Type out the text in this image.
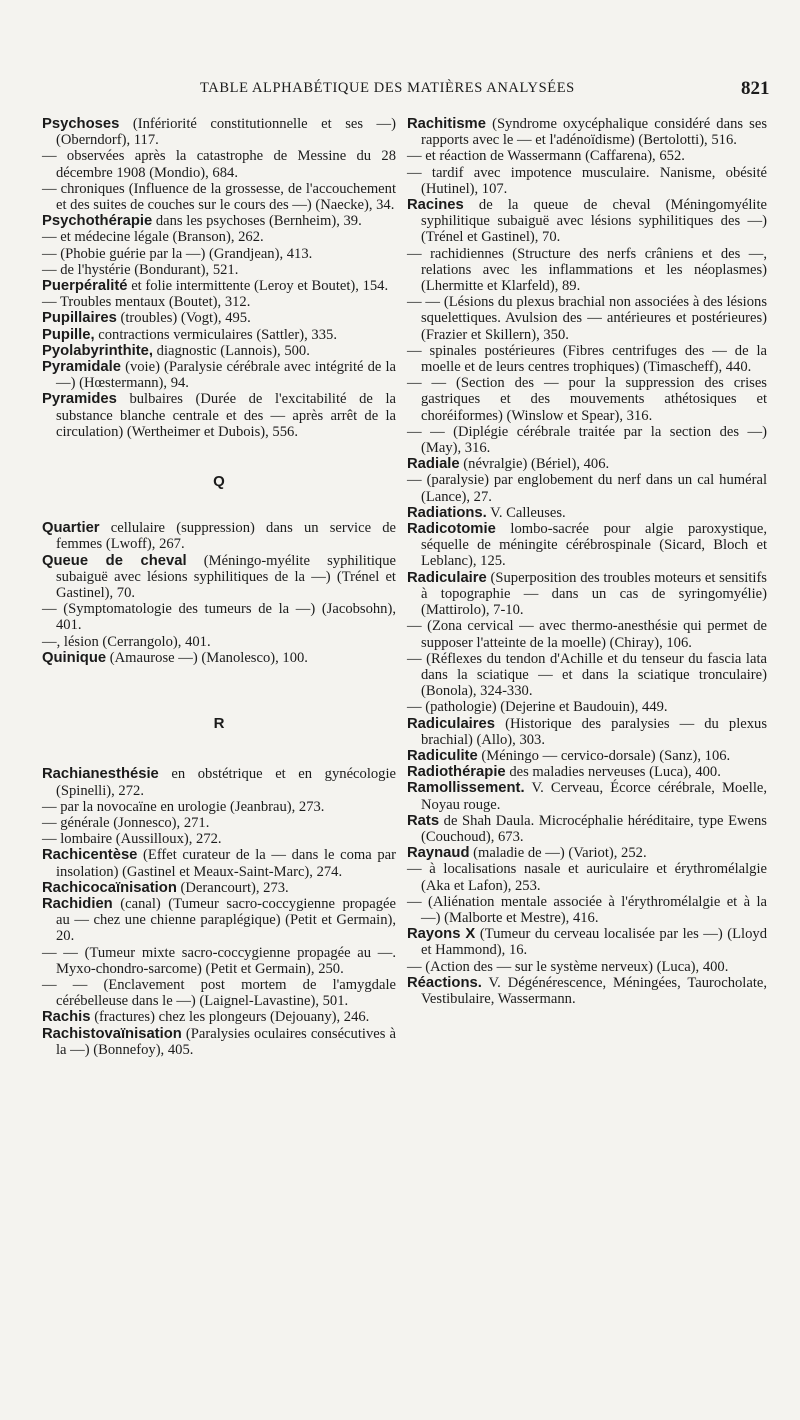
TABLE ALPHABÉTIQUE DES MATIÈRES ANALYSÉES	821
Psychoses (Infériorité constitutionnelle et ses —) (Oberndorf), 117.
— observées après la catastrophe de Messine du 28 décembre 1908 (Mondio), 684.
— chroniques (Influence de la grossesse, de l'accouchement et des suites de couches sur le cours des —) (Naecke), 34.
Psychothérapie dans les psychoses (Bernheim), 39.
— et médecine légale (Branson), 262.
— (Phobie guérie par la —) (Grandjean), 413.
— de l'hystérie (Bondurant), 521.
Puerpéralité et folie intermittente (Leroy et Boutet), 154.
— Troubles mentaux (Boutet), 312.
Pupillaires (troubles) (Vogt), 495.
Pupille, contractions vermiculaires (Sattler), 335.
Pyolabyrinthite, diagnostic (Lannois), 500.
Pyramidale (voie) (Paralysie cérébrale avec intégrité de la —) (Hœstermann), 94.
Pyramides bulbaires (Durée de l'excitabilité de la substance blanche centrale et des — après arrêt de la circulation) (Wertheimer et Dubois), 556.
Q
Quartier cellulaire (suppression) dans un service de femmes (Lwoff), 267.
Queue de cheval (Méningo-myélite syphilitique subaiguë avec lésions syphilitiques de la —) (Trénel et Gastinel), 70.
— (Symptomatologie des tumeurs de la —) (Jacobsohn), 401.
—, lésion (Cerrangolo), 401.
Quinique (Amaurose —) (Manolesco), 100.
R
Rachianesthésie en obstétrique et en gynécologie (Spinelli), 272.
— par la novocaïne en urologie (Jeanbrau), 273.
— générale (Jonnesco), 271.
— lombaire (Aussilloux), 272.
Rachicentèse (Effet curateur de la — dans le coma par insolation) (Gastinel et Meaux-Saint-Marc), 274.
Rachicocaïnisation (Derancourt), 273.
Rachidien (canal) (Tumeur sacro-coccygienne propagée au — chez une chienne paraplégique) (Petit et Germain), 20.
— — (Tumeur mixte sacro-coccygienne propagée au —. Myxo-chondro-sarcome) (Petit et Germain), 250.
— — (Enclavement post mortem de l'amygdale cérébelleuse dans le —) (Laignel-Lavastine), 501.
Rachis (fractures) chez les plongeurs (Dejouany), 246.
Rachistovaïnisation (Paralysies oculaires consécutives à la —) (Bonnefoy), 405.
Rachitisme (Syndrome oxycéphalique considéré dans ses rapports avec le — et l'adénoïdisme) (Bertolotti), 516.
— et réaction de Wassermann (Caffarena), 652.
— tardif avec impotence musculaire. Nanisme, obésité (Hutinel), 107.
Racines de la queue de cheval (Méningomyélite syphilitique subaiguë avec lésions syphilitiques des —) (Trénel et Gastinel), 70.
— rachidiennes (Structure des nerfs crâniens et des —, relations avec les inflammations et les néoplasmes) (Lhermitte et Klarfeld), 89.
— — (Lésions du plexus brachial non associées à des lésions squelettiques. Avulsion des — antérieures et postérieures) (Frazier et Skillern), 350.
— spinales postérieures (Fibres centrifuges des — de la moelle et de leurs centres trophiques) (Timascheff), 440.
— — (Section des — pour la suppression des crises gastriques et des mouvements athétosiques et choréiformes) (Winslow et Spear), 316.
— — (Diplégie cérébrale traitée par la section des —) (May), 316.
Radiale (névralgie) (Bériel), 406.
— (paralysie) par englobement du nerf dans un cal huméral (Lance), 27.
Radiations. V. Calleuses.
Radicotomie lombo-sacrée pour algie paroxystique, séquelle de méningite cérébrospinale (Sicard, Bloch et Leblanc), 125.
Radiculaire (Superposition des troubles moteurs et sensitifs à topographie — dans un cas de syringomyélie) (Mattirolo), 7-10.
— (Zona cervical — avec thermo-anesthésie qui permet de supposer l'atteinte de la moelle) (Chiray), 106.
— (Réflexes du tendon d'Achille et du tenseur du fascia lata dans la sciatique — et dans la sciatique tronculaire) (Bonola), 324-330.
— (pathologie) (Dejerine et Baudouin), 449.
Radiculaires (Historique des paralysies — du plexus brachial) (Allo), 303.
Radiculite (Méningo — cervico-dorsale) (Sanz), 106.
Radiothérapie des maladies nerveuses (Luca), 400.
Ramollissement. V. Cerveau, Écorce cérébrale, Moelle, Noyau rouge.
Rats de Shah Daula. Microcéphalie héréditaire, type Ewens (Couchoud), 673.
Raynaud (maladie de —) (Variot), 252.
— à localisations nasale et auriculaire et érythromélalgie (Aka et Lafon), 253.
— (Aliénation mentale associée à l'érythromélalgie et à la —) (Malborte et Mestre), 416.
Rayons X (Tumeur du cerveau localisée par les —) (Lloyd et Hammond), 16.
— (Action des — sur le système nerveux) (Luca), 400.
Réactions. V. Dégénérescence, Méningées, Taurocholate, Vestibulaire, Wassermann.
